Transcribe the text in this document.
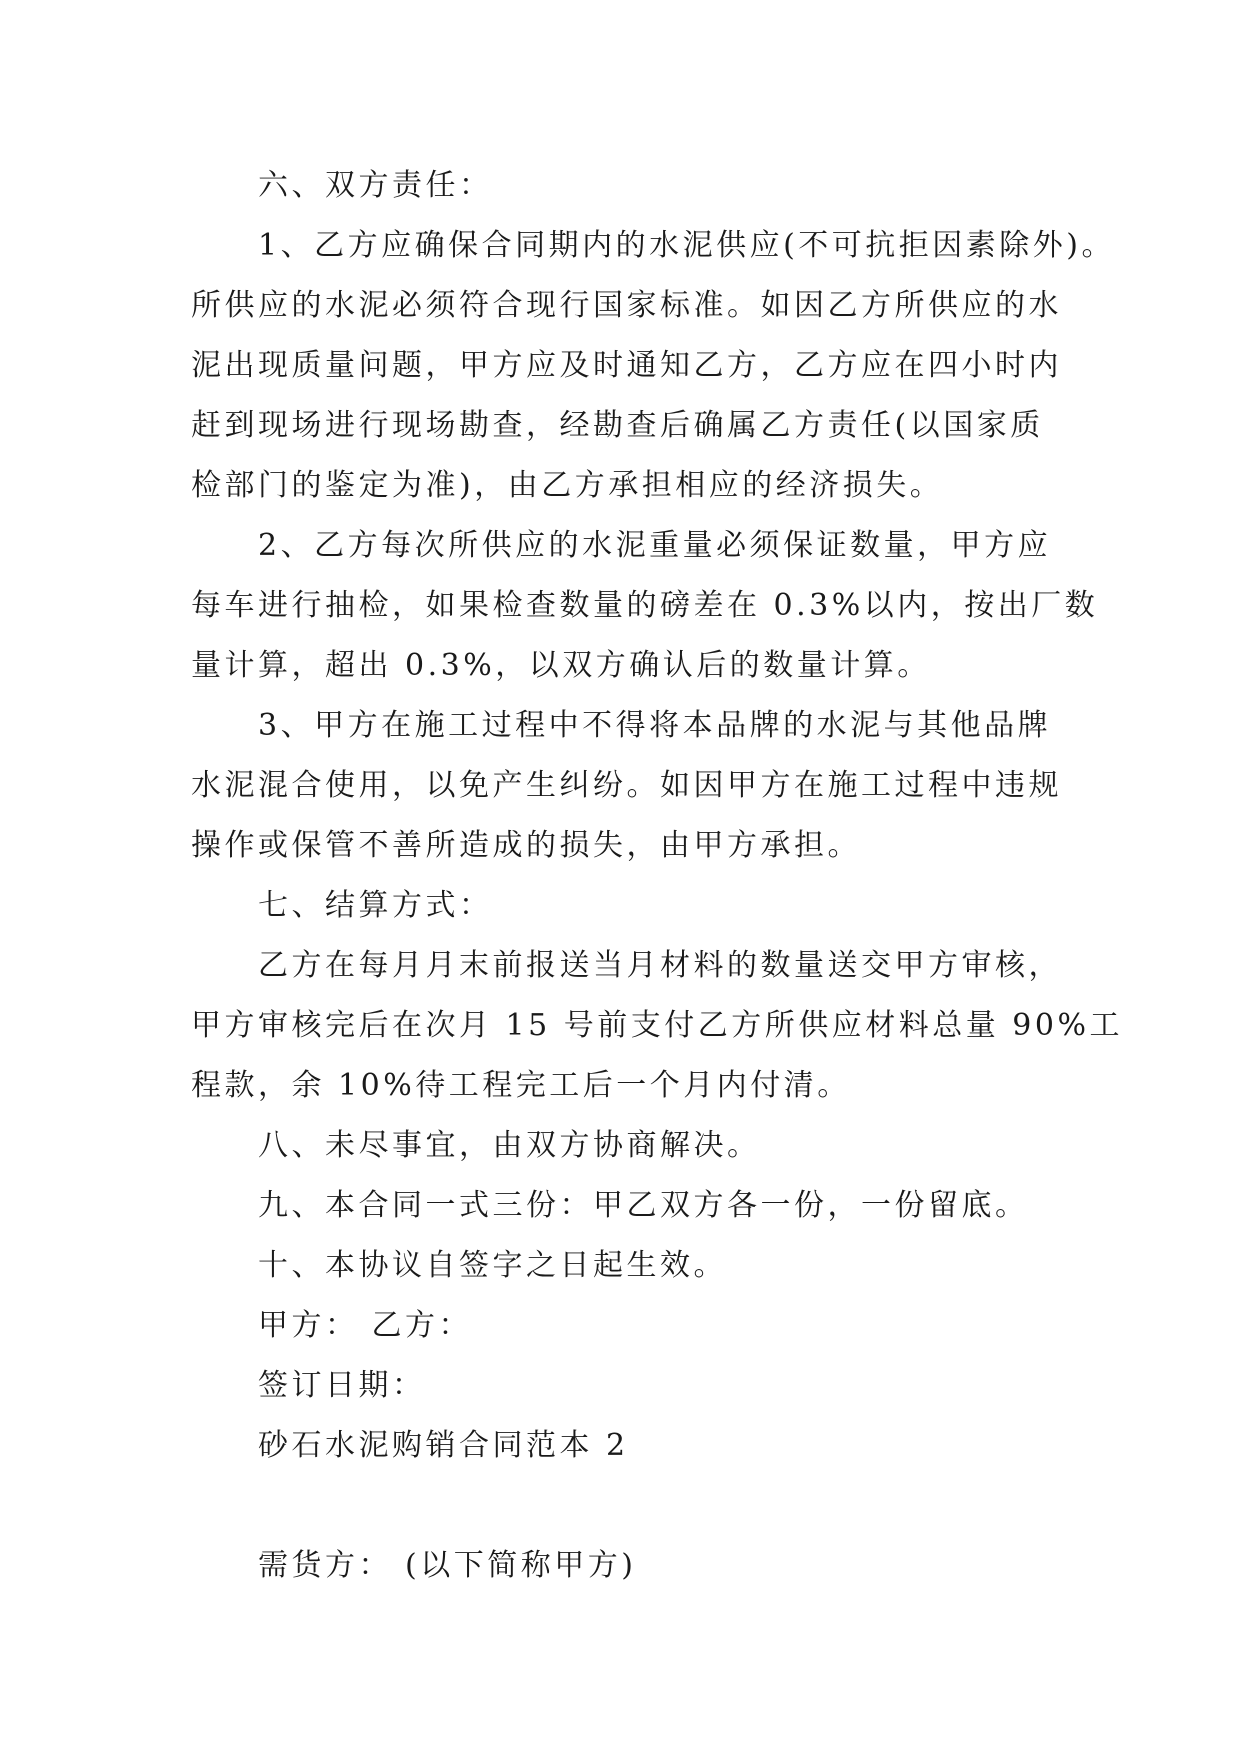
六、双方责任：
1、乙方应确保合同期内的水泥供应(不可抗拒因素除外)。
所供应的水泥必须符合现行国家标准。如因乙方所供应的水
泥出现质量问题，甲方应及时通知乙方，乙方应在四小时内
赶到现场进行现场勘查，经勘查后确属乙方责任(以国家质
检部门的鉴定为准)，由乙方承担相应的经济损失。
2、乙方每次所供应的水泥重量必须保证数量，甲方应
每车进行抽检，如果检查数量的磅差在 0.3%以内，按出厂数
量计算，超出 0.3%，以双方确认后的数量计算。
3、甲方在施工过程中不得将本品牌的水泥与其他品牌
水泥混合使用，以免产生纠纷。如因甲方在施工过程中违规
操作或保管不善所造成的损失，由甲方承担。
七、结算方式：
乙方在每月月末前报送当月材料的数量送交甲方审核，
甲方审核完后在次月 15 号前支付乙方所供应材料总量 90%工
程款，余 10%待工程完工后一个月内付清。
八、未尽事宜，由双方协商解决。
九、本合同一式三份：甲乙双方各一份，一份留底。
十、本协议自签字之日起生效。
甲方： 乙方：
签订日期：
砂石水泥购销合同范本 2
需货方： (以下简称甲方)
